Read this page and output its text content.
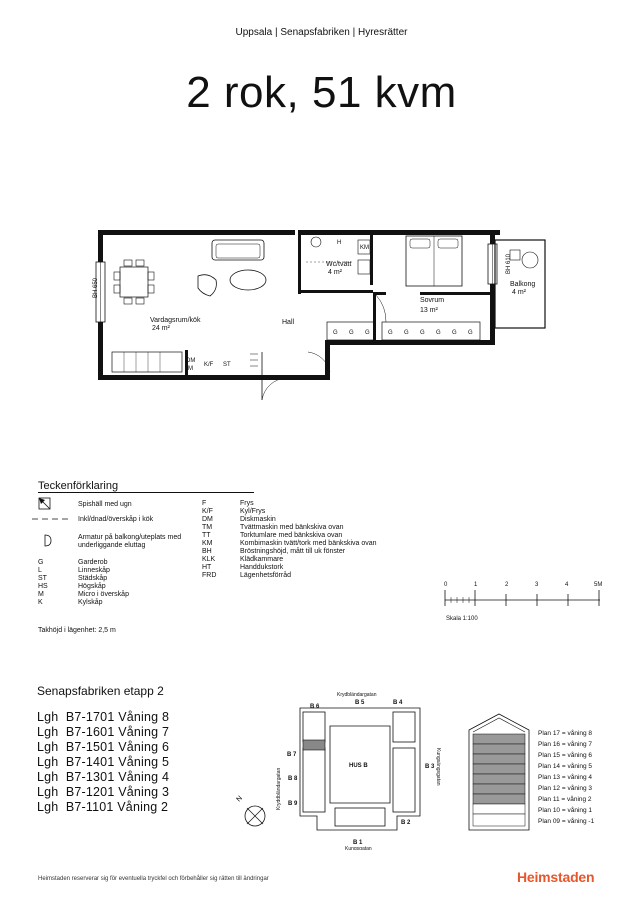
Uppsala | Senapsfabriken | Hyresrätter
2 rok, 51 kvm
Vardagsrum/kök
24 m²
Hall
Wc/tvätt
4 m²
Sovrum
13 m²
Balkong
4 m²
BH 650
BH 610
H
KM
DM
M
K/F ST
G G G	G G G G G G
Teckenförklaring
Spishäll med ugn
Inkl/dnad/överskåp i kök
Armatur på balkong/uteplats med underliggande eluttag
G	Garderob
L	Linneskåp
ST	Städskåp
HS	Högskåp
M	Micro i överskåp
K	Kylskåp
F	Frys
K/F	Kyl/Frys
DM	Diskmaskin
TM	Tvättmaskin med bänkskiva ovan
TT	Torktumlare med bänkskiva ovan
KM	Kombimaskin tvätt/tork med bänkskiva ovan
BH	Bröstningshöjd, mått till uk fönster
KLK	Klädkammare
HT	Handdukstork
FRD	Lägenhetsförråd
Takhöjd i lägenhet: 2,5 m
0	1	2	3	4	5M
Skala 1:100
Senapsfabriken etapp 2
Lgh B7-1701 Våning 8
Lgh B7-1601 Våning 7
Lgh B7-1501 Våning 6
Lgh B7-1401 Våning 5
Lgh B7-1301 Våning 4
Lgh B7-1201 Våning 3
Lgh B7-1101 Våning 2
B 1
B 2
B 3
B 4
B 5
B 6
B 7
B 8
B 9
HUS B
Krydbländargatan
Kryddbländargatan
Kungsängsgatan
Kungsgatan
N
Plan 17 = våning 8
Plan 16 = våning 7
Plan 15 = våning 6
Plan 14 = våning 5
Plan 13 = våning 4
Plan 12 = våning 3
Plan 11 = våning 2
Plan 10 = våning 1
Plan 09 = våning -1
Heimstaden reserverar sig för eventuella tryckfel och förbehåller sig rätten till ändringar	Heimstaden
